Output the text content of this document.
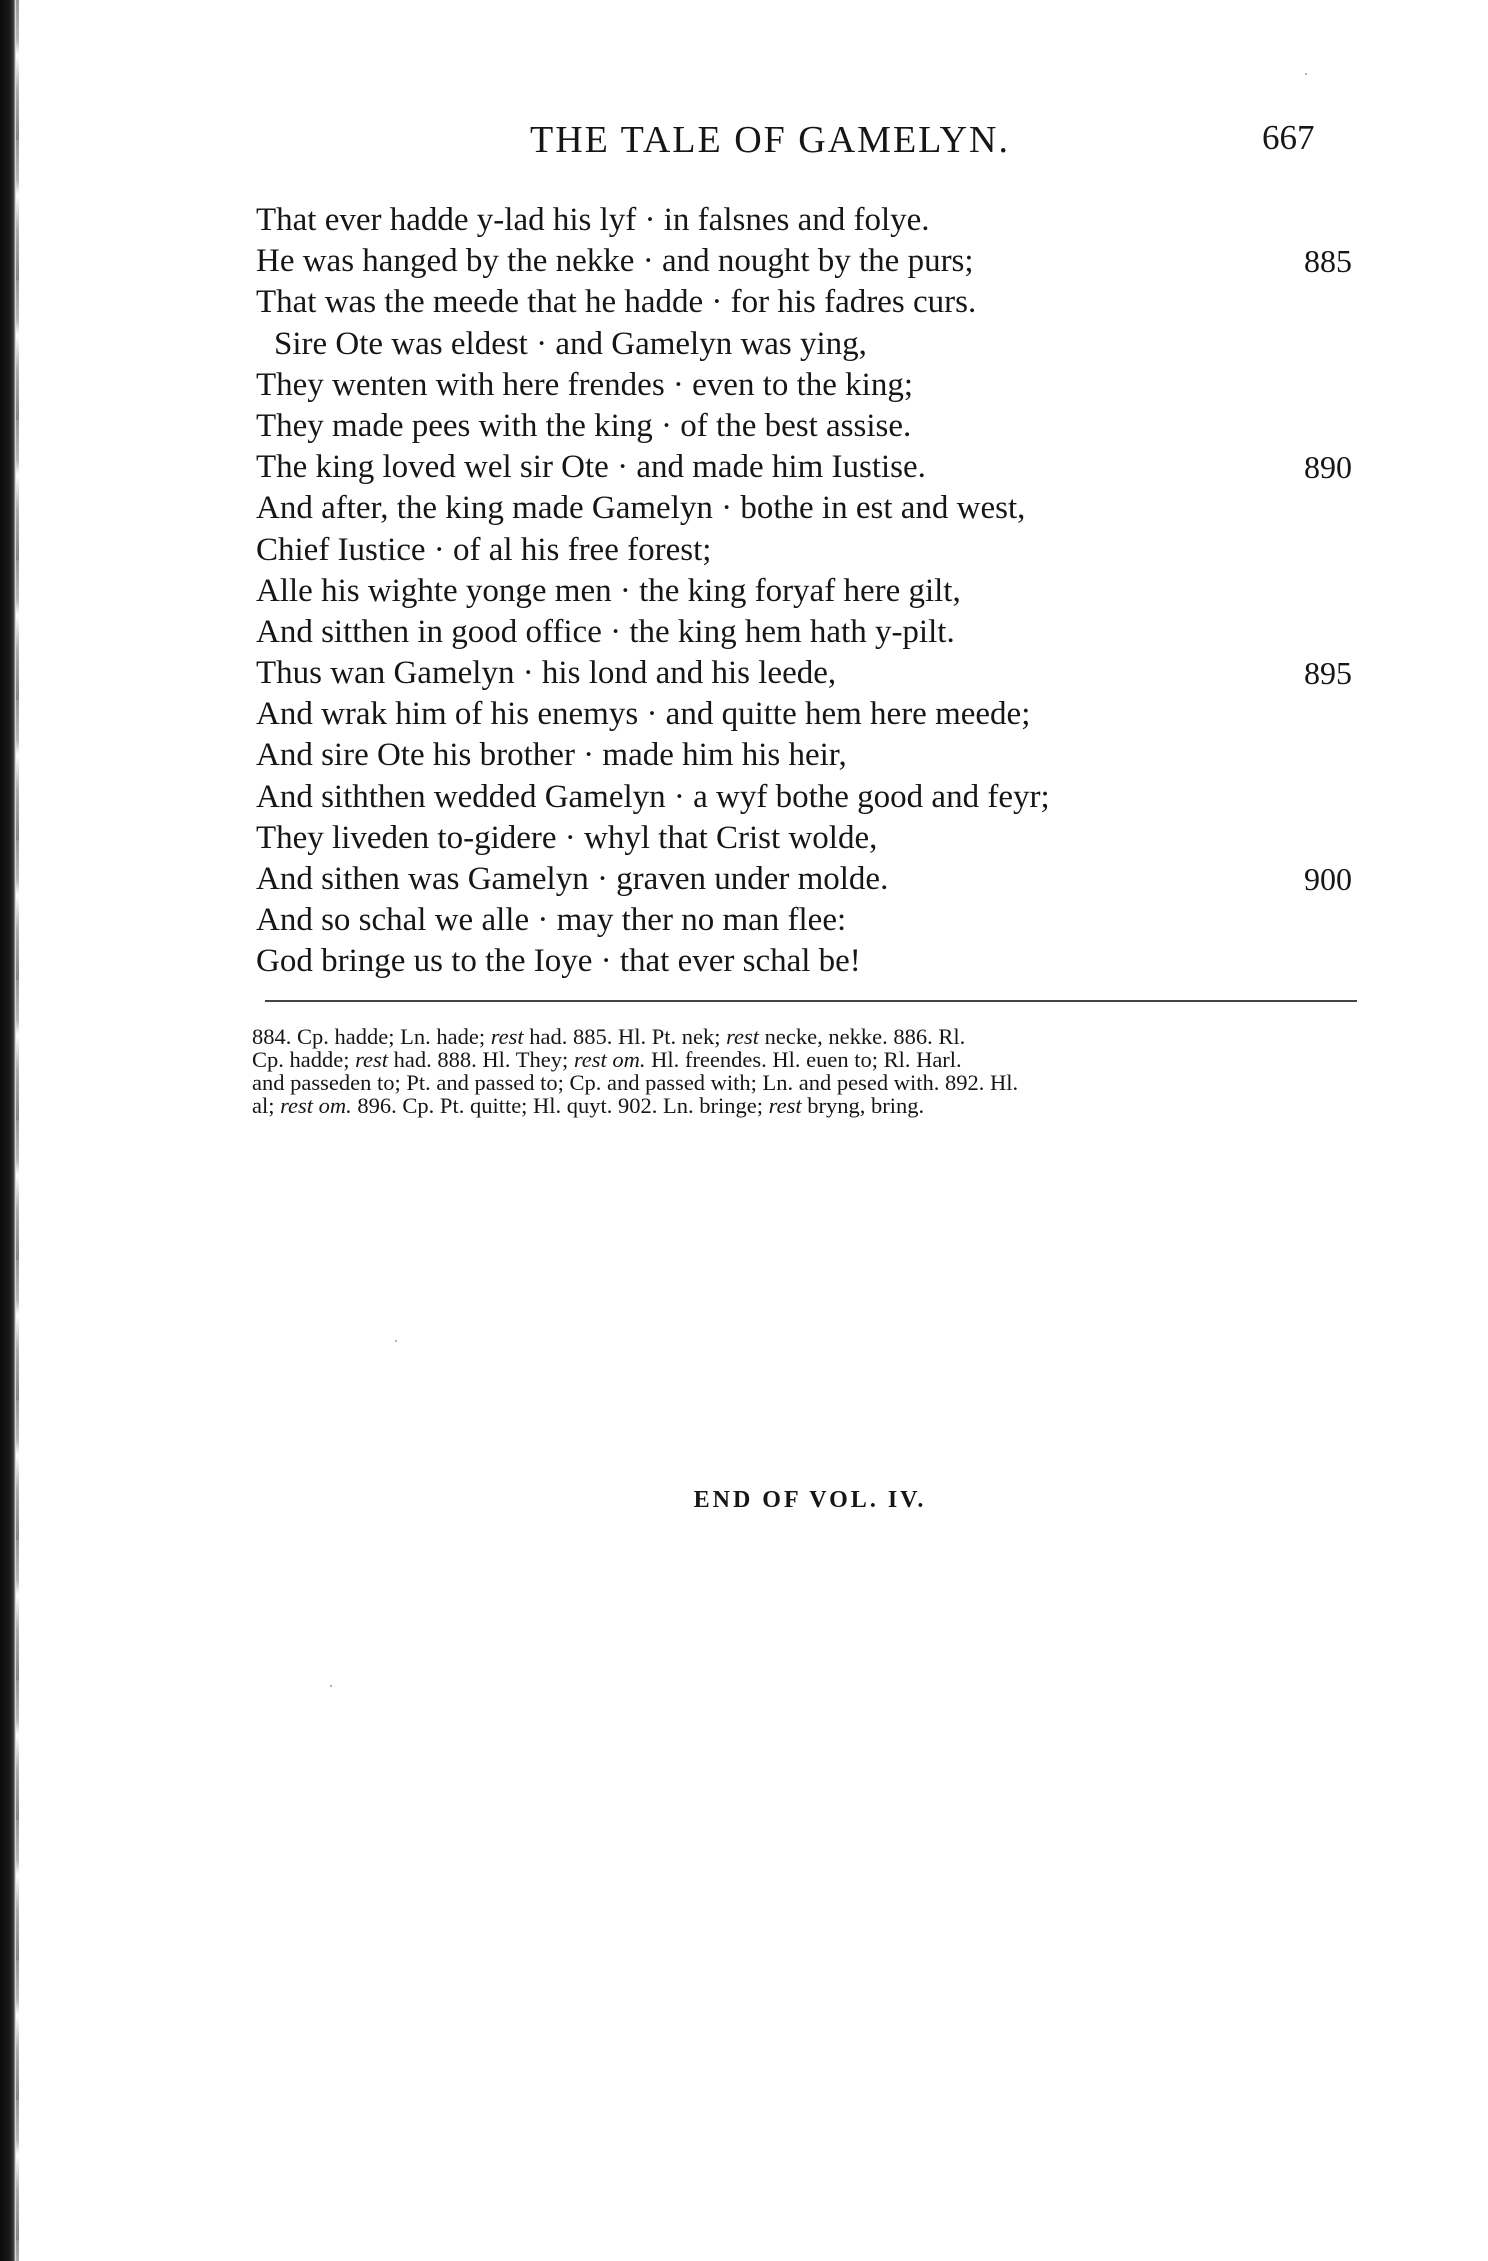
THE TALE OF GAMELYN.	667
That ever hadde y-lad his lyf · in falsnes and folye.
He was hanged by the nekke · and nought by the purs;	885
That was the meede that he hadde · for his fadres curs.
Sire Ote was eldest · and Gamelyn was ying,
They wenten with here frendes · even to the king;
They made pees with the king · of the best assise.
The king loved wel sir Ote · and made him Iustise.	890
And after, the king made Gamelyn · bothe in est and west,
Chief Iustice · of al his free forest;
Alle his wighte yonge men · the king foryaf here gilt,
And sitthen in good office · the king hem hath y-pilt.
Thus wan Gamelyn · his lond and his leede,	895
And wrak him of his enemys · and quitte hem here meede;
And sire Ote his brother · made him his heir,
And siththen wedded Gamelyn · a wyf bothe good and feyr;
They liveden to-gidere · whyl that Crist wolde,
And sithen was Gamelyn · graven under molde.	900
And so schal we alle · may ther no man flee:
God bringe us to the Ioye · that ever schal be!
884. Cp. hadde; Ln. hade; rest had. 885. Hl. Pt. nek; rest necke, nekke. 886. Rl.
Cp. hadde; rest had. 888. Hl. They; rest om. Hl. freendes. Hl. euen to; Rl. Harl.
and passeden to; Pt. and passed to; Cp. and passed with; Ln. and pesed with. 892. Hl.
al; rest om. 896. Cp. Pt. quitte; Hl. quyt. 902. Ln. bringe; rest bryng, bring.
END OF VOL. IV.
